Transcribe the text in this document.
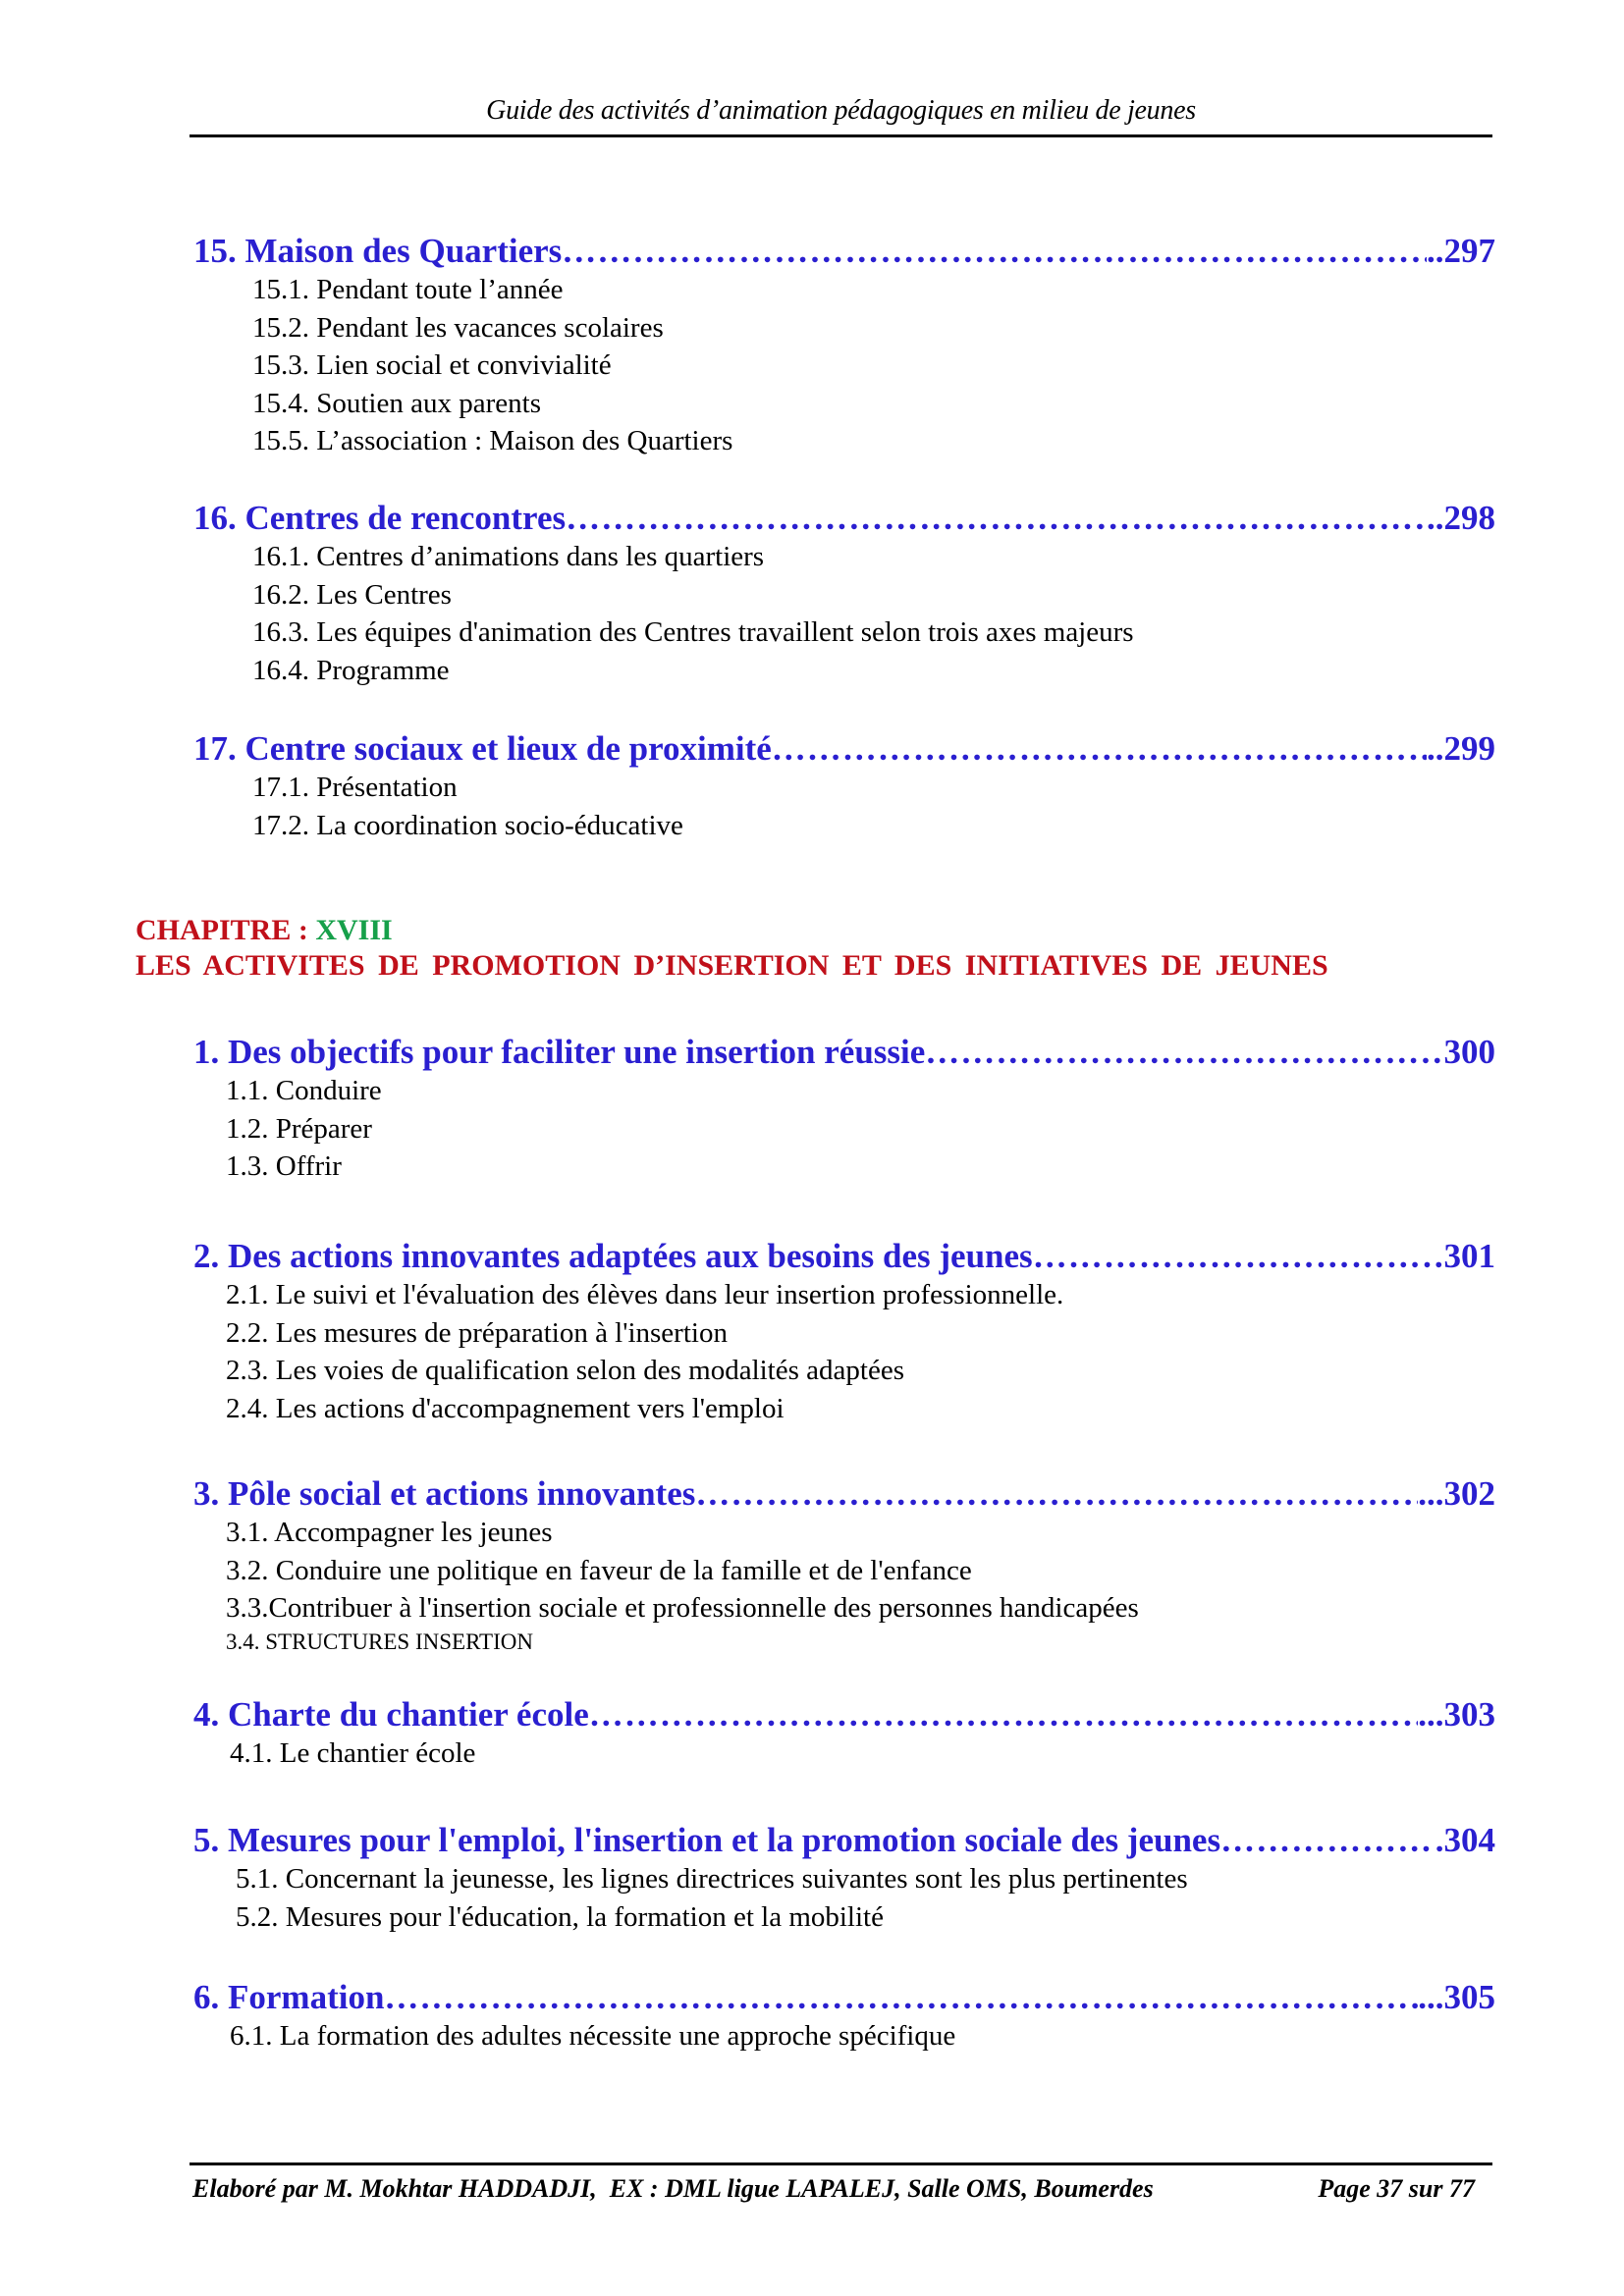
Guide des activités d’animation pédagogiques en milieu de jeunes
15. Maison des Quartiers …………………………………………………………………………………………………………………………	..297
15.1. Pendant toute l’année
15.2. Pendant les vacances scolaires
15.3. Lien social et convivialité
15.4. Soutien aux parents
15.5. L’association : Maison des Quartiers
16. Centres de rencontres …………………………………………………………………………………………………………………………	..298
16.1. Centres d’animations dans les quartiers
16.2. Les Centres
16.3. Les équipes d'animation des Centres travaillent selon trois axes majeurs
16.4. Programme
17. Centre sociaux et lieux de proximité …………………………………………………………………………………………………………………………	..299
17.1. Présentation
17.2. La coordination socio-éducative
CHAPITRE : XVIII
LES ACTIVITES DE PROMOTION D’INSERTION ET DES INITIATIVES DE JEUNES
1. Des objectifs pour faciliter une insertion réussie …………………………………………………………………………………………………………………………	300
1.1. Conduire
1.2. Préparer
1.3. Offrir
2. Des actions innovantes adaptées aux besoins des jeunes …………………………………………………………………………………………………………………………	301
2.1. Le suivi et l'évaluation des élèves dans leur insertion professionnelle.
2.2. Les mesures de préparation à l'insertion
2.3. Les voies de qualification selon des modalités adaptées
2.4. Les actions d'accompagnement vers l'emploi
3. Pôle social et actions innovantes …………………………………………………………………………………………………………………………	...302
3.1. Accompagner les jeunes
3.2. Conduire une politique en faveur de la famille et de l'enfance
3.3.Contribuer à l'insertion sociale et professionnelle des personnes handicapées
3.4. STRUCTURES INSERTION
4. Charte du chantier école …………………………………………………………………………………………………………………………	...303
4.1. Le chantier école
5. Mesures pour l'emploi, l'insertion et la promotion sociale des jeunes …………………………………………………………………………………………………………………………	.304
5.1. Concernant la jeunesse, les lignes directrices suivantes sont les plus pertinentes
5.2. Mesures pour l'éducation, la formation et la mobilité
6. Formation …………………………………………………………………………………………………………………………	...305
6.1. La formation des adultes nécessite une approche spécifique
Elaboré par M. Mokhtar HADDADJI,  EX : DML ligue LAPALEJ, Salle OMS, Boumerdes	Page 37 sur 77
